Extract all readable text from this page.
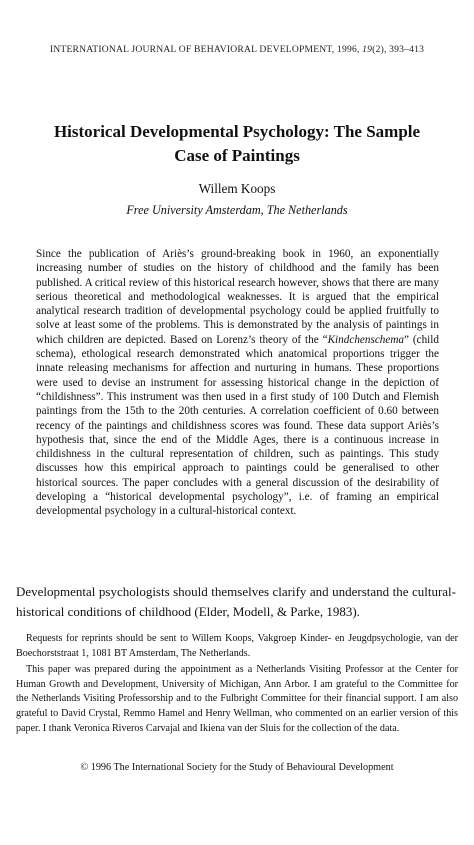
INTERNATIONAL JOURNAL OF BEHAVIORAL DEVELOPMENT, 1996, 19(2), 393–413
Historical Developmental Psychology: The Sample
Case of Paintings
Willem Koops
Free University Amsterdam, The Netherlands
Since the publication of Ariès’s ground-breaking book in 1960, an exponentially increasing number of studies on the history of childhood and the family has been published. A critical review of this historical research however, shows that there are many serious theoretical and methodological weaknesses. It is argued that the empirical analytical research tradition of developmental psychology could be applied fruitfully to solve at least some of the problems. This is demonstrated by the analysis of paintings in which children are depicted. Based on Lorenz’s theory of the “Kindchenschema” (child schema), ethological research demonstrated which anatomical proportions trigger the innate releasing mechanisms for affection and nurturing in humans. These proportions were used to devise an instrument for assessing historical change in the depiction of “childishness”. This instrument was then used in a first study of 100 Dutch and Flemish paintings from the 15th to the 20th centuries. A correlation coefficient of 0.60 between recency of the paintings and childishness scores was found. These data support Ariès’s hypothesis that, since the end of the Middle Ages, there is a continuous increase in childishness in the cultural representation of children, such as paintings. This study discusses how this empirical approach to paintings could be generalised to other historical sources. The paper concludes with a general discussion of the desirability of developing a “historical developmental psychology”, i.e. of framing an empirical developmental psychology in a cultural-historical context.
Developmental psychologists should themselves clarify and understand the cultural-historical conditions of childhood (Elder, Modell, & Parke, 1983).

Requests for reprints should be sent to Willem Koops, Vakgroep Kinder- en Jeugdpsychologie, van der Boechorststraat 1, 1081 BT Amsterdam, The Netherlands.

This paper was prepared during the appointment as a Netherlands Visiting Professor at the Center for Human Growth and Development, University of Michigan, Ann Arbor. I am grateful to the Committee for the Netherlands Visiting Professorship and to the Fulbright Committee for their financial support. I am also grateful to David Crystal, Remmo Hamel and Henry Wellman, who commented on an earlier version of this paper. I thank Veronica Riveros Carvajal and Ikiena van der Sluis for the collection of the data.

© 1996 The International Society for the Study of Behavioural Development
